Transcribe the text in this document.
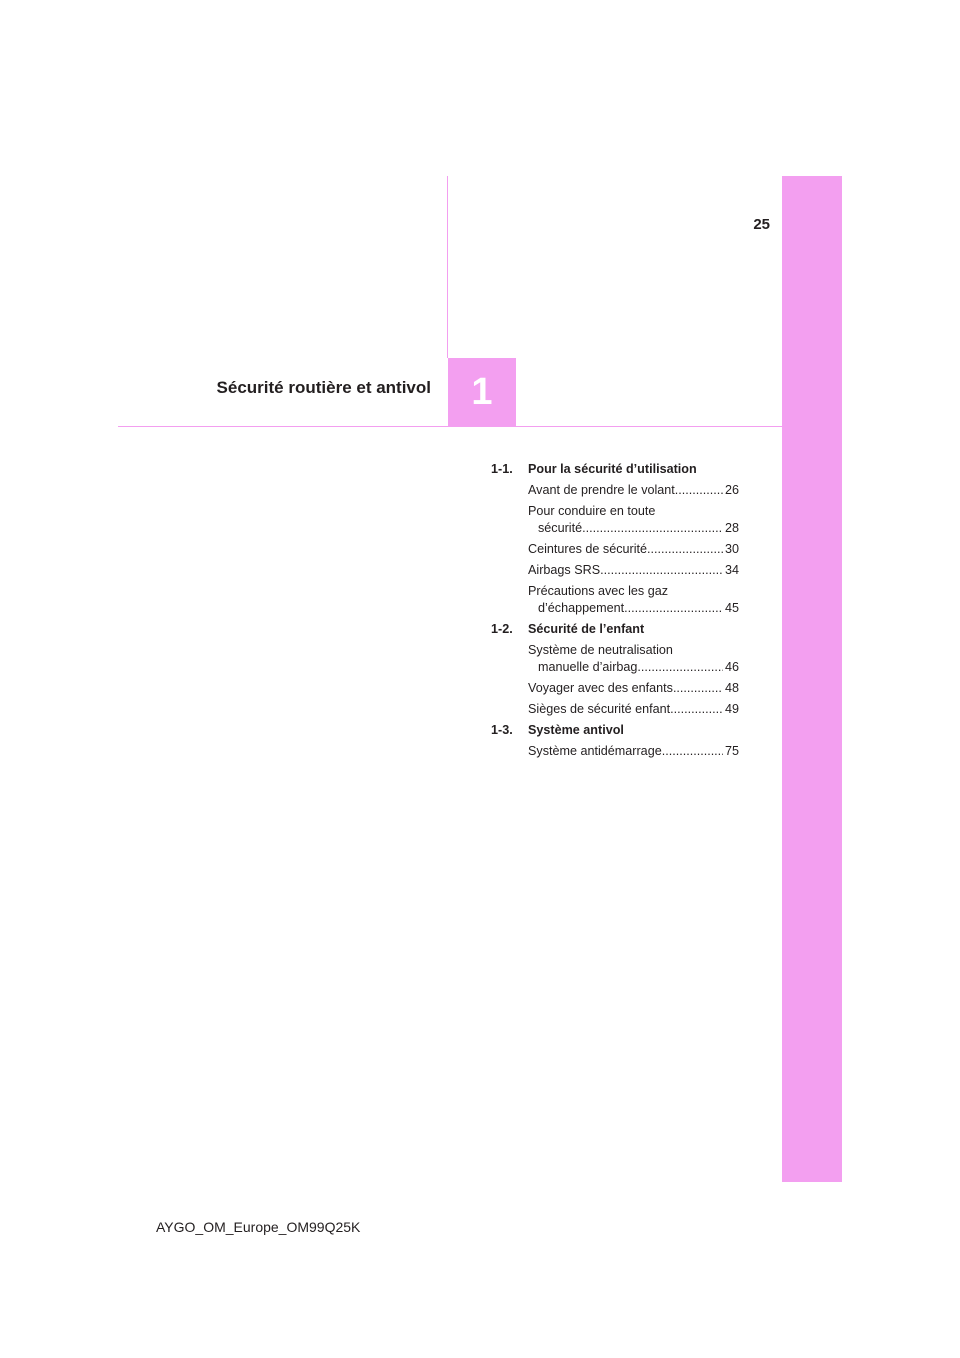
1
25
Sécurité routière et antivol
1-1. Pour la sécurité d’utilisation
Avant de prendre le volant .....	26
Pour conduire en toute
sécurité .....	28
Ceintures de sécurité .....	30
Airbags SRS .....	34
Précautions avec les gaz
d’échappement .....	45
1-2. Sécurité de l’enfant
Système de neutralisation
manuelle d’airbag .....	46
Voyager avec des enfants .....	48
Sièges de sécurité enfant .....	49
1-3. Système antivol
Système antidémarrage .....	75
AYGO_OM_Europe_OM99Q25K
